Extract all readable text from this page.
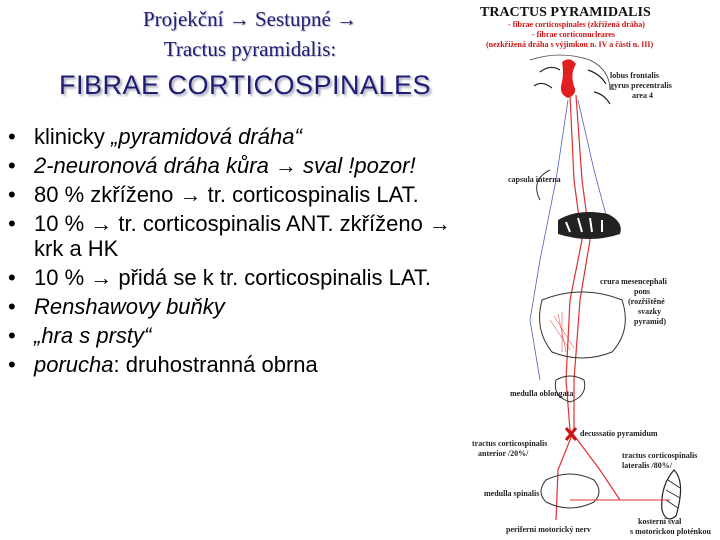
Projekční → Sestupné →
Tractus pyramidalis:
FIBRAE CORTICOSPINALES
• klinicky „pyramidová dráha“
• 2-neuronová dráha kůra → sval !pozor!
• 80 % zkříženo → tr. corticospinalis LAT.
• 10 % → tr. corticospinalis ANT. zkříženo → krk a HK
• 10 % → přidá se k tr. corticospinalis LAT.
• Renshawovy buňky
• „hra s prsty“
• porucha: druhostranná obrna
TRACTUS PYRAMIDALIS
- fibrae corticospinales (zkřížená dráha)
- fibrae corticonucleares
(nezkřížená dráha s výjimkou n. IV a části n. III)
lobus frontalis
gyrus precentralis
area 4
capsula interna
crura mesencephali
pons
(rozříštěné
svazky
pyramid)
medulla oblongata
decussatio pyramidum
tractus corticospinalis
anterior /20%/	tractus corticospinalis
lateralis /80%/
medulla spinalis
kosterní sval
s motorickou ploténkou
periferní motorický nerv
